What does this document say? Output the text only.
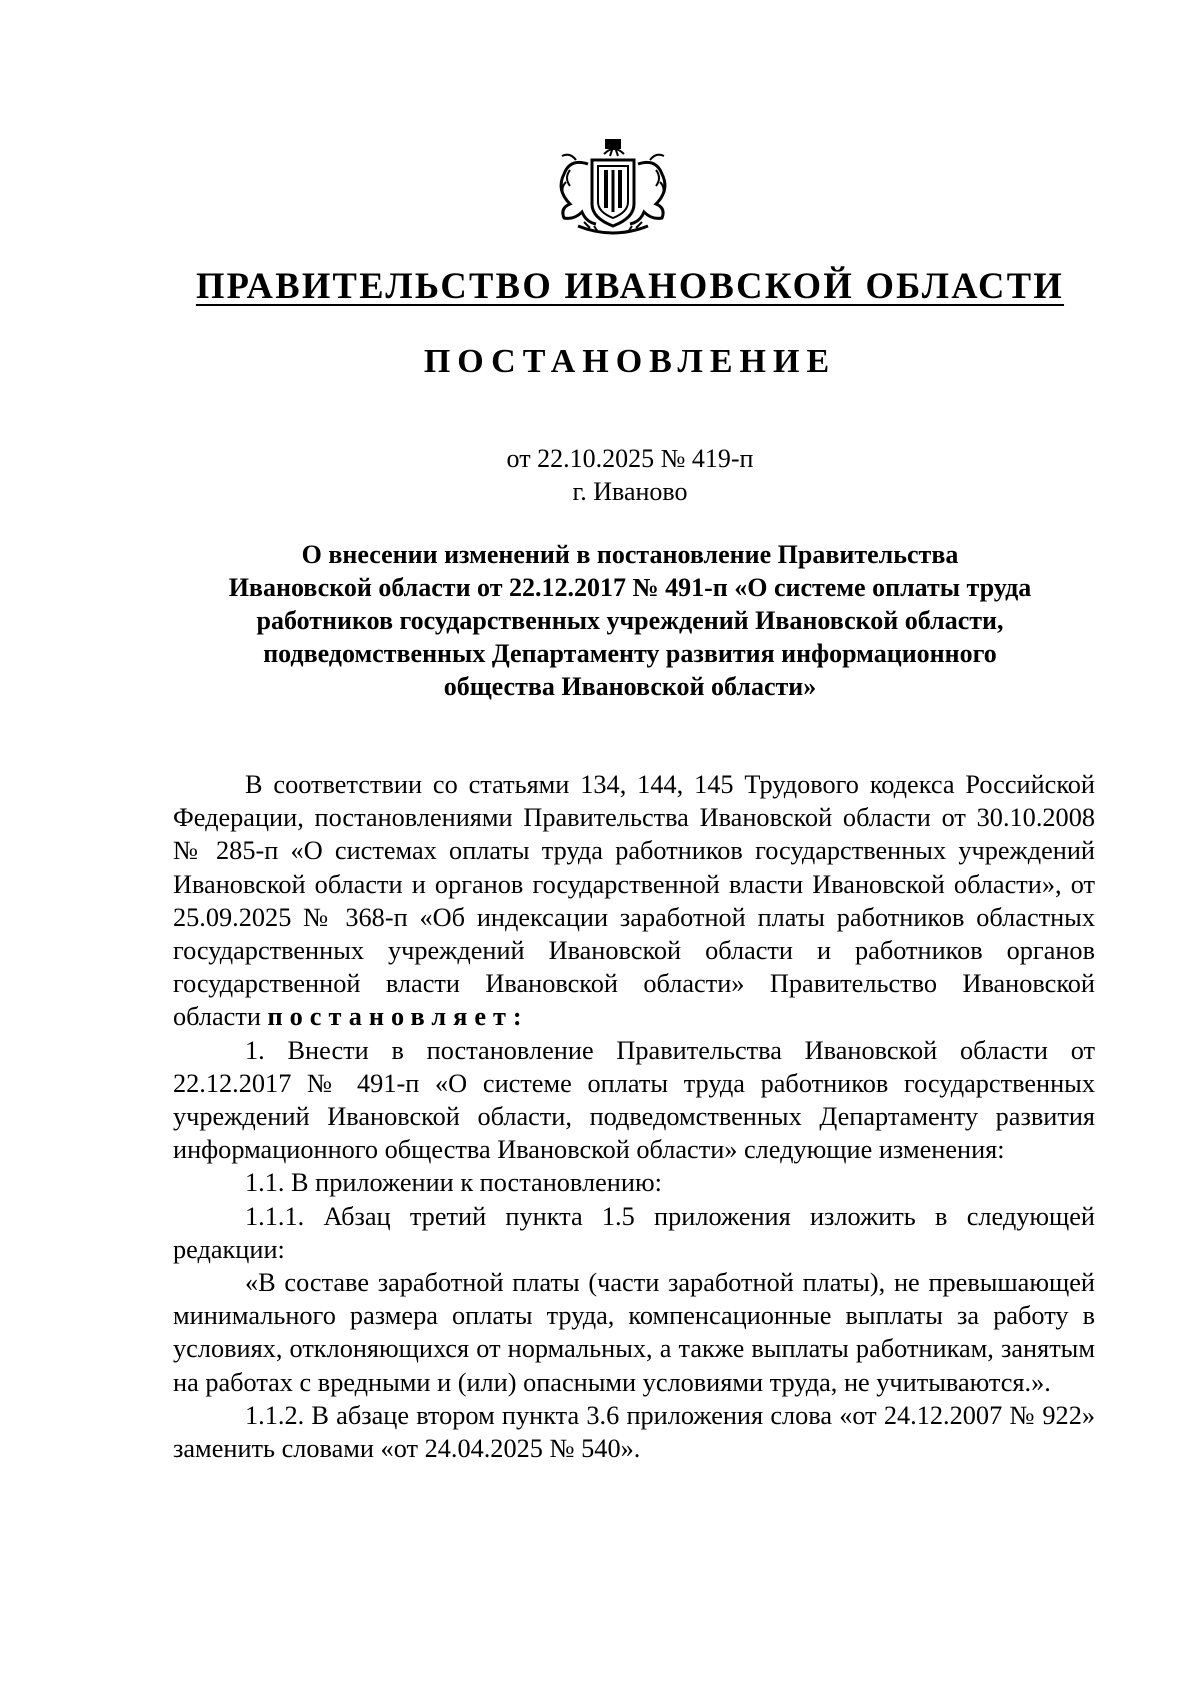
ПРАВИТЕЛЬСТВО ИВАНОВСКОЙ ОБЛАСТИ
ПОСТАНОВЛЕНИЕ
от 22.10.2025 № 419-п
г. Иваново
О внесении изменений в постановление Правительства
Ивановской области от 22.12.2017 № 491-п «О системе оплаты труда
работников государственных учреждений Ивановской области,
подведомственных Департаменту развития информационного
общества Ивановской области»

В соответствии со статьями 134, 144, 145 Трудового кодекса Российской Федерации, постановлениями Правительства Ивановской области от 30.10.2008 № 285-п «О системах оплаты труда работников государственных учреждений Ивановской области и органов государственной власти Ивановской области», от 25.09.2025 № 368-п «Об индексации заработной платы работников областных государственных учреждений Ивановской области и работников органов государственной власти Ивановской области» Правительство Ивановской области постановляет:

1. Внести в постановление Правительства Ивановской области от 22.12.2017 № 491-п «О системе оплаты труда работников государственных учреждений Ивановской области, подведомственных Департаменту развития информационного общества Ивановской области» следующие изменения:

1.1. В приложении к постановлению:

1.1.1. Абзац третий пункта 1.5 приложения изложить в следующей редакции:

«В составе заработной платы (части заработной платы), не превышающей минимального размера оплаты труда, компенсационные выплаты за работу в условиях, отклоняющихся от нормальных, а также выплаты работникам, занятым на работах с вредными и (или) опасными условиями труда, не учитываются.».

1.1.2. В абзаце втором пункта 3.6 приложения слова «от 24.12.2007 № 922» заменить словами «от 24.04.2025 № 540».
